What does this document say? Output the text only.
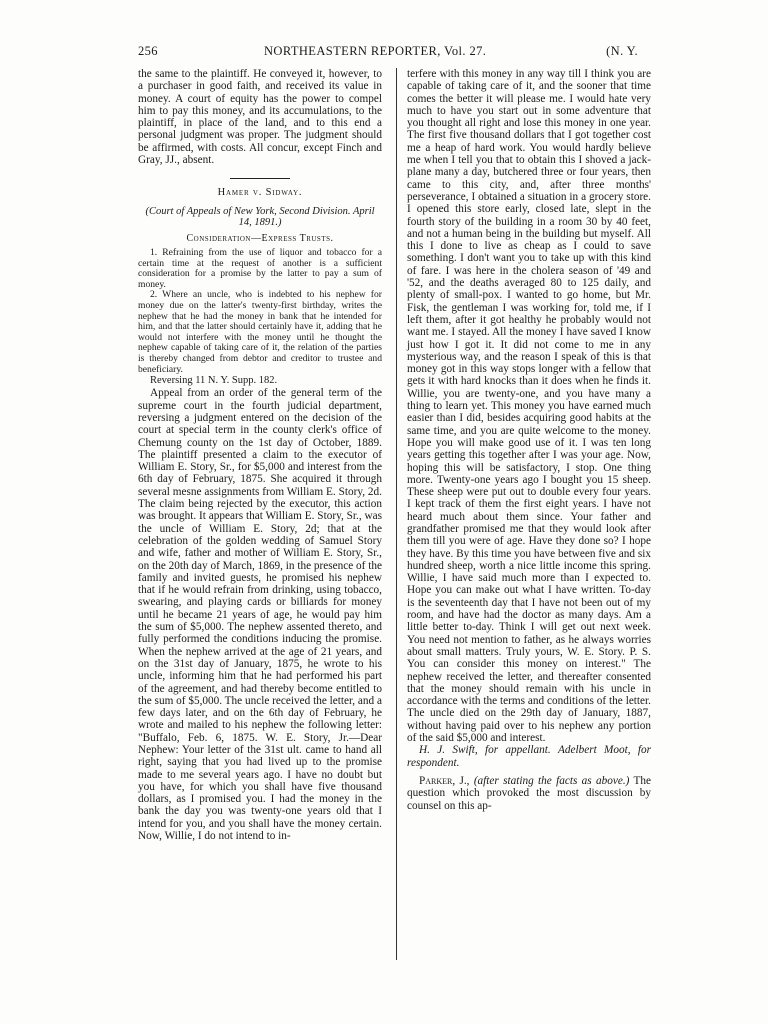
256	NORTHEASTERN REPORTER, Vol. 27.	(N. Y.

the same to the plaintiff. He conveyed it, however, to a purchaser in good faith, and received its value in money. A court of equity has the power to compel him to pay this money, and its accumulations, to the plaintiff, in place of the land, and to this end a personal judgment was proper. The judgment should be affirmed, with costs. All concur, except Finch and Gray, JJ., absent.

Hamer v. Sidway.
(Court of Appeals of New York, Second Division. April 14, 1891.)
Consideration—Express Trusts.

1. Refraining from the use of liquor and tobacco for a certain time at the request of another is a sufficient consideration for a promise by the latter to pay a sum of money.

2. Where an uncle, who is indebted to his nephew for money due on the latter's twenty-first birthday, writes the nephew that he had the money in bank that he intended for him, and that the latter should certainly have it, adding that he would not interfere with the money until he thought the nephew capable of taking care of it, the relation of the parties is thereby changed from debtor and creditor to trustee and beneficiary.

Reversing 11 N. Y. Supp. 182.

Appeal from an order of the general term of the supreme court in the fourth judicial department, reversing a judgment entered on the decision of the court at special term in the county clerk's office of Chemung county on the 1st day of October, 1889. The plaintiff presented a claim to the executor of William E. Story, Sr., for $5,000 and interest from the 6th day of February, 1875. She acquired it through several mesne assignments from William E. Story, 2d. The claim being rejected by the executor, this action was brought. It appears that William E. Story, Sr., was the uncle of William E. Story, 2d; that at the celebration of the golden wedding of Samuel Story and wife, father and mother of William E. Story, Sr., on the 20th day of March, 1869, in the presence of the family and invited guests, he promised his nephew that if he would refrain from drinking, using tobacco, swearing, and playing cards or billiards for money until he became 21 years of age, he would pay him the sum of $5,000. The nephew assented thereto, and fully performed the conditions inducing the promise. When the nephew arrived at the age of 21 years, and on the 31st day of January, 1875, he wrote to his uncle, informing him that he had performed his part of the agreement, and had thereby become entitled to the sum of $5,000. The uncle received the letter, and a few days later, and on the 6th day of February, he wrote and mailed to his nephew the following letter: "Buffalo, Feb. 6, 1875. W. E. Story, Jr.—Dear Nephew: Your letter of the 31st ult. came to hand all right, saying that you had lived up to the promise made to me several years ago. I have no doubt but you have, for which you shall have five thousand dollars, as I promised you. I had the money in the bank the day you was twenty-one years old that I intend for you, and you shall have the money certain. Now, Willie, I do not intend to in-

terfere with this money in any way till I think you are capable of taking care of it, and the sooner that time comes the better it will please me. I would hate very much to have you start out in some adventure that you thought all right and lose this money in one year. The first five thousand dollars that I got together cost me a heap of hard work. You would hardly believe me when I tell you that to obtain this I shoved a jack-plane many a day, butchered three or four years, then came to this city, and, after three months' perseverance, I obtained a situation in a grocery store. I opened this store early, closed late, slept in the fourth story of the building in a room 30 by 40 feet, and not a human being in the building but myself. All this I done to live as cheap as I could to save something. I don't want you to take up with this kind of fare. I was here in the cholera season of '49 and '52, and the deaths averaged 80 to 125 daily, and plenty of small-pox. I wanted to go home, but Mr. Fisk, the gentleman I was working for, told me, if I left them, after it got healthy he probably would not want me. I stayed. All the money I have saved I know just how I got it. It did not come to me in any mysterious way, and the reason I speak of this is that money got in this way stops longer with a fellow that gets it with hard knocks than it does when he finds it. Willie, you are twenty-one, and you have many a thing to learn yet. This money you have earned much easier than I did, besides acquiring good habits at the same time, and you are quite welcome to the money. Hope you will make good use of it. I was ten long years getting this together after I was your age. Now, hoping this will be satisfactory, I stop. One thing more. Twenty-one years ago I bought you 15 sheep. These sheep were put out to double every four years. I kept track of them the first eight years. I have not heard much about them since. Your father and grandfather promised me that they would look after them till you were of age. Have they done so? I hope they have. By this time you have between five and six hundred sheep, worth a nice little income this spring. Willie, I have said much more than I expected to. Hope you can make out what I have written. To-day is the seventeenth day that I have not been out of my room, and have had the doctor as many days. Am a little better to-day. Think I will get out next week. You need not mention to father, as he always worries about small matters. Truly yours, W. E. Story. P. S. You can consider this money on interest." The nephew received the letter, and thereafter consented that the money should remain with his uncle in accordance with the terms and conditions of the letter. The uncle died on the 29th day of January, 1887, without having paid over to his nephew any portion of the said $5,000 and interest.

H. J. Swift, for appellant. Adelbert Moot, for respondent.

Parker, J., (after stating the facts as above.) The question which provoked the most discussion by counsel on this ap-
